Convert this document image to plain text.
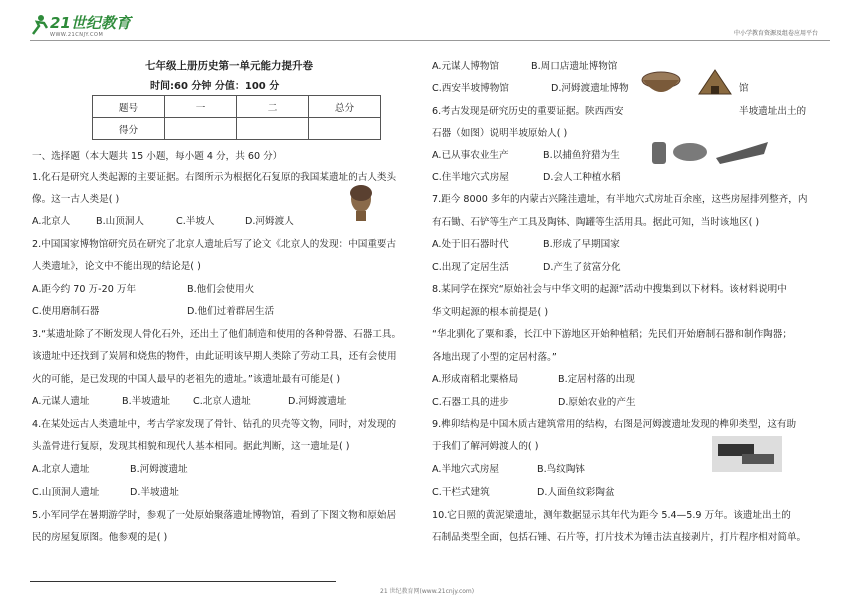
21世纪教育
WWW.21CNJY.COM	中小学教育资源及组卷应用平台
七年级上册历史第一单元能力提升卷
时间:60 分钟 分值：100 分
题号	一	二	总分
得分			
一、选择题（本大题共 15 小题，每小题 4 分，共 60 分）
1.化石是研究人类起源的主要证据。右图所示为根据化石复原的我国某遗址的古人类头
像。这一古人类是( )
A.北京人	B.山顶洞人	C.半坡人	D.河姆渡人
2.中国国家博物馆研究员在研究了北京人遗址后写了论文《北京人的发现：中国重要古
人类遗址》，论文中不能出现的结论是( )
A.距今约 70 万-20 万年	B.他们会使用火
C.使用磨制石器	D.他们过着群居生活
3.“某遗址除了不断发现人骨化石外，还出土了他们制造和使用的各种骨器、石器工具。
该遗址中还找到了炭屑和烧焦的物件，由此证明该早期人类除了劳动工具，还有会使用
火的可能，是已发现的中国人最早的老祖先的遗址。”该遗址最有可能是( )
A.元谋人遗址	B.半坡遗址 C.北京人遗址	D.河姆渡遗址
4.在某处远古人类遗址中，考古学家发现了骨针、钻孔的贝壳等文物，同时，对发现的
头盖骨进行复原，发现其相貌和现代人基本相同。据此判断，这一遗址是( )
A.北京人遗址	B.河姆渡遗址
C.山顶洞人遗址	D.半坡遗址
5.小军同学在暑期游学时，参观了一处原始聚落遗址博物馆，看到了下图文物和原始居
民的房屋复原图。他参观的是( )
A.元谋人博物馆	B.周口店遗址博物馆
C.西安半坡博物馆	D.河姆渡遗址博物	馆
6.考古发现是研究历史的重要证据。陕西西安	半坡遗址出土的
石器（如图）说明半坡原始人( )
A.已从事农业生产	B.以捕鱼狩猎为生
C.住半地穴式房屋	D.会人工种植水稻
7.距今 8000 多年的内蒙古兴隆洼遗址，有半地穴式房址百余座，这些房屋排列整齐，内
有石锄、石铲等生产工具及陶钵、陶罐等生活用具。据此可知，当时该地区( )
A.处于旧石器时代	B.形成了早期国家
C.出现了定居生活	D.产生了贫富分化
8.某同学在探究“原始社会与中华文明的起源”活动中搜集到以下材料。该材料说明中
华文明起源的根本前提是( )
“华北驯化了粟和黍，长江中下游地区开始种植稻；先民们开始磨制石器和制作陶器；
各地出现了小型的定居村落。”
A.形成南稻北粟格局	B.定居村落的出现
C.石器工具的进步	D.原始农业的产生
9.榫卯结构是中国木质古建筑常用的结构，右图是河姆渡遗址发现的榫卯类型，这有助
于我们了解河姆渡人的( )
A.半地穴式房屋	B.鸟纹陶钵
C.干栏式建筑	D.人面鱼纹彩陶盆
10.它日照的黄泥梁遗址，测年数据显示其年代为距今 5.4—5.9 万年。该遗址出土的
石制品类型全面，包括石锤、石片等，打片技术为锤击法直接剥片，打片程序相对简单。
21 世纪教育网(www.21cnjy.com)
